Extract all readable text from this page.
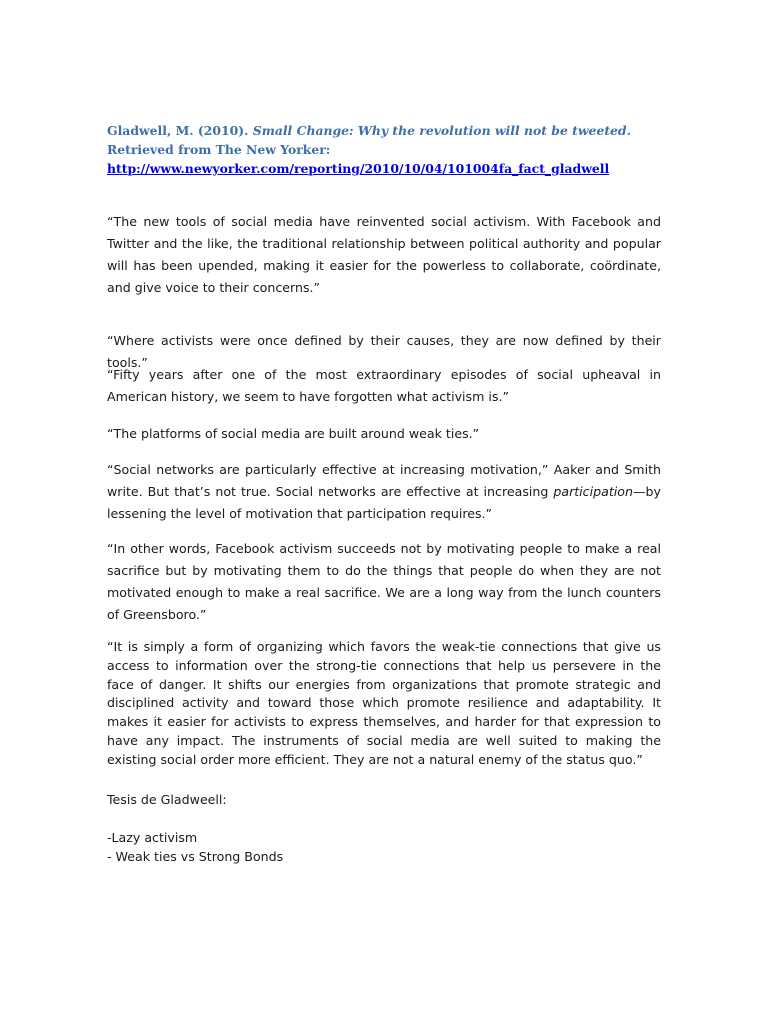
Gladwell, M. (2010). Small Change: Why the revolution will not be tweeted. Retrieved from The New Yorker:
http://www.newyorker.com/reporting/2010/10/04/101004fa_fact_gladwell
“The new tools of social media have reinvented social activism. With Facebook and Twitter and the like, the traditional relationship between political authority and popular will has been upended, making it easier for the powerless to collaborate, coördinate, and give voice to their concerns.”
“Where activists were once defined by their causes, they are now defined by their tools.”
“Fifty years after one of the most extraordinary episodes of social upheaval in American history, we seem to have forgotten what activism is.”
“The platforms of social media are built around weak ties.”
“Social networks are particularly effective at increasing motivation,” Aaker and Smith write. But that’s not true. Social networks are effective at increasing participation—by lessening the level of motivation that participation requires.”
“In other words, Facebook activism succeeds not by motivating people to make a real sacrifice but by motivating them to do the things that people do when they are not motivated enough to make a real sacrifice. We are a long way from the lunch counters of Greensboro.”
“It is simply a form of organizing which favors the weak-tie connections that give us access to information over the strong-tie connections that help us persevere in the face of danger. It shifts our energies from organizations that promote strategic and disciplined activity and toward those which promote resilience and adaptability. It makes it easier for activists to express themselves, and harder for that expression to have any impact. The instruments of social media are well suited to making the existing social order more efficient. They are not a natural enemy of the status quo.”
Tesis de Gladweell:
-Lazy activism
- Weak ties vs Strong Bonds
